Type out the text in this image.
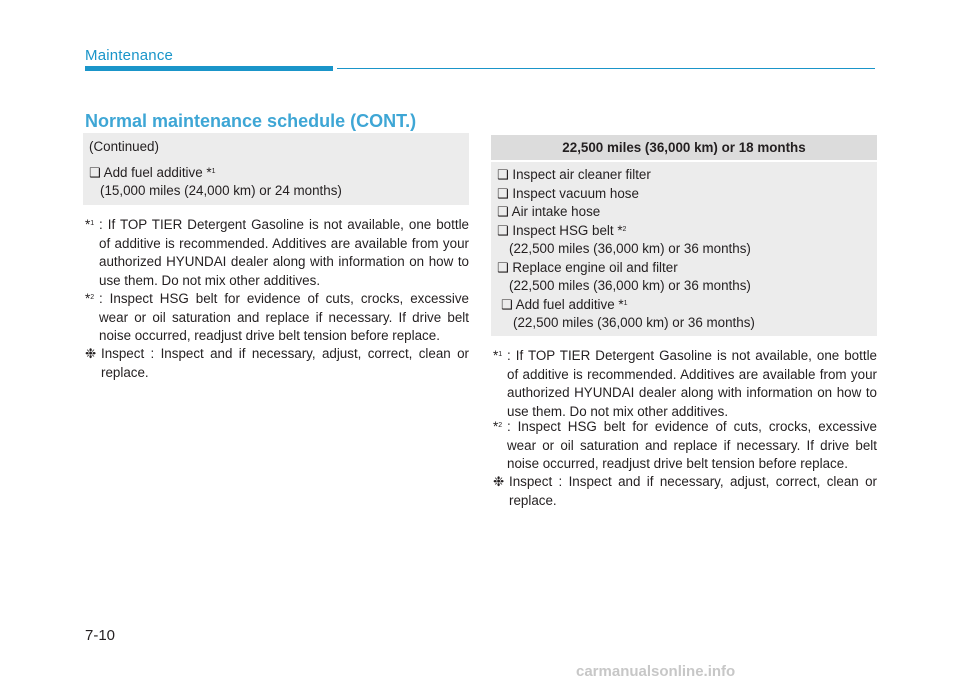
Maintenance
Normal maintenance schedule (CONT.)
(Continued)
❑ Add fuel additive *$^1$
(15,000 miles (24,000 km) or 24 months)
*$^1$ : If TOP TIER Detergent Gasoline is not available, one bottle of additive is recommended. Additives are available from your authorized HYUNDAI dealer along with information on how to use them. Do not mix other additives.
*$^2$ : Inspect HSG belt for evidence of cuts, crocks, excessive wear or oil saturation and replace if necessary. If drive belt noise occurred, readjust drive belt tension before replace.
❉ Inspect : Inspect and if necessary, adjust, correct, clean or replace.
22,500 miles (36,000 km) or 18 months
❑ Inspect air cleaner filter
❑ Inspect vacuum hose
❑ Air intake hose
❑ Inspect HSG belt *$^2$
(22,500 miles (36,000 km) or 36 months)
❑ Replace engine oil and filter
(22,500 miles (36,000 km) or 36 months)
❑ Add fuel additive *$^1$
(22,500 miles (36,000 km) or 36 months)
*$^1$ : If TOP TIER Detergent Gasoline is not available, one bottle of additive is recommended. Additives are available from your authorized HYUNDAI dealer along with information on how to use them. Do not mix other additives.
*$^2$ : Inspect HSG belt for evidence of cuts, crocks, excessive wear or oil saturation and replace if necessary. If drive belt noise occurred, readjust drive belt tension before replace.
❉ Inspect : Inspect and if necessary, adjust, correct, clean or replace.
7-10
carmanualsonline.info
